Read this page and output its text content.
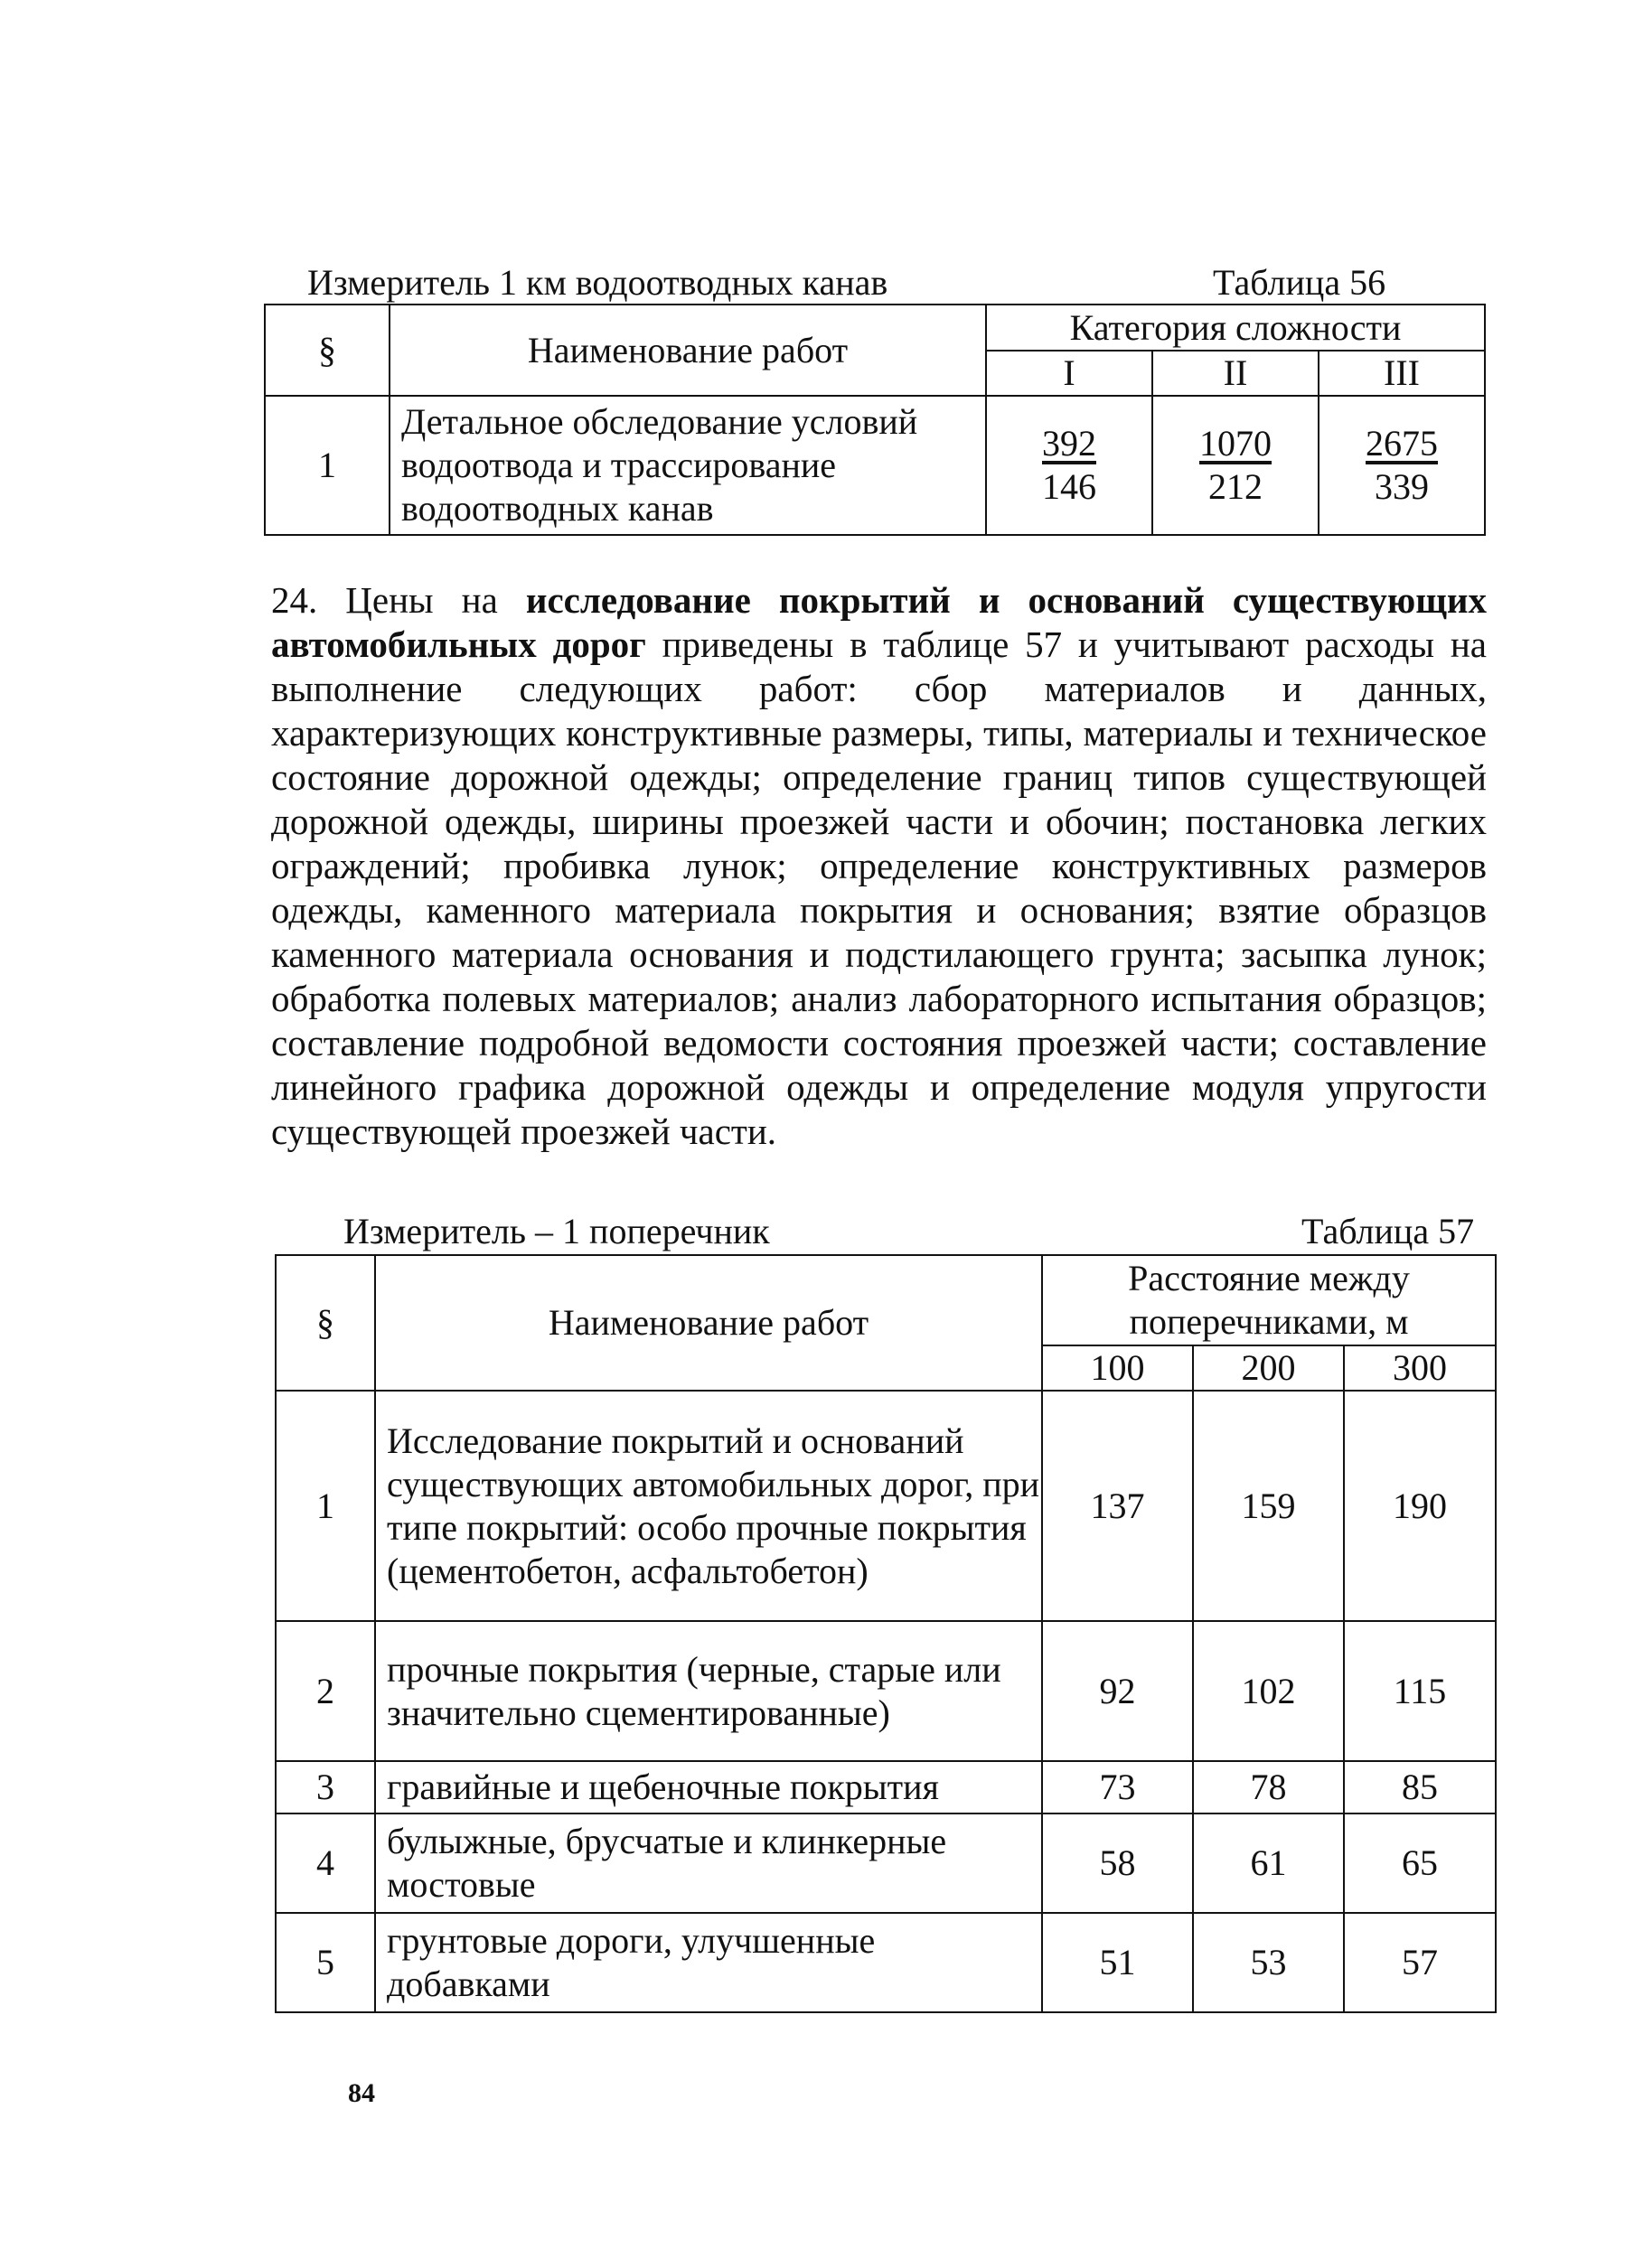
Измеритель 1 км водоотводных канав	Таблица 56
§	Наименование работ	Категория сложности		
		I	II	III
1	Детальное обследование условий водоотвода и трассирование водоотводных канав	$\frac{392}{146}$	$\frac{1070}{212}$	$\frac{2675}{339}$
24. Цены на исследование покрытий и оснований существующих автомобильных дорог приведены в таблице 57 и учитывают расходы на выполнение следующих работ: сбор материалов и данных, характеризующих конструктивные размеры, типы, материалы и техническое состояние дорожной одежды; определение границ типов существующей дорожной одежды, ширины проезжей части и обочин; постановка легких ограждений; пробивка лунок; определение конструктивных размеров одежды, каменного материала покрытия и основания; взятие образцов каменного материала основания и подстилающего грунта; засыпка лунок; обработка полевых материалов; анализ лабораторного испытания образцов; составление подробной ведомости состояния проезжей части; составление линейного графика дорожной одежды и определение модуля упругости существующей проезжей части.
Измеритель – 1 поперечник	Таблица 57
§	Наименование работ	Расстояние между поперечниками, м		
		100	200	300
1	Исследование покрытий и оснований существующих автомобильных дорог, при типе покрытий: особо прочные покрытия (цементобетон, асфальтобетон)	137	159	190
2	прочные покрытия (черные, старые или значительно сцементированные)	92	102	115
3	гравийные и щебеночные покрытия	73	78	85
4	булыжные, брусчатые и клинкерные мостовые	58	61	65
5	грунтовые дороги, улучшенные добавками	51	53	57
84
